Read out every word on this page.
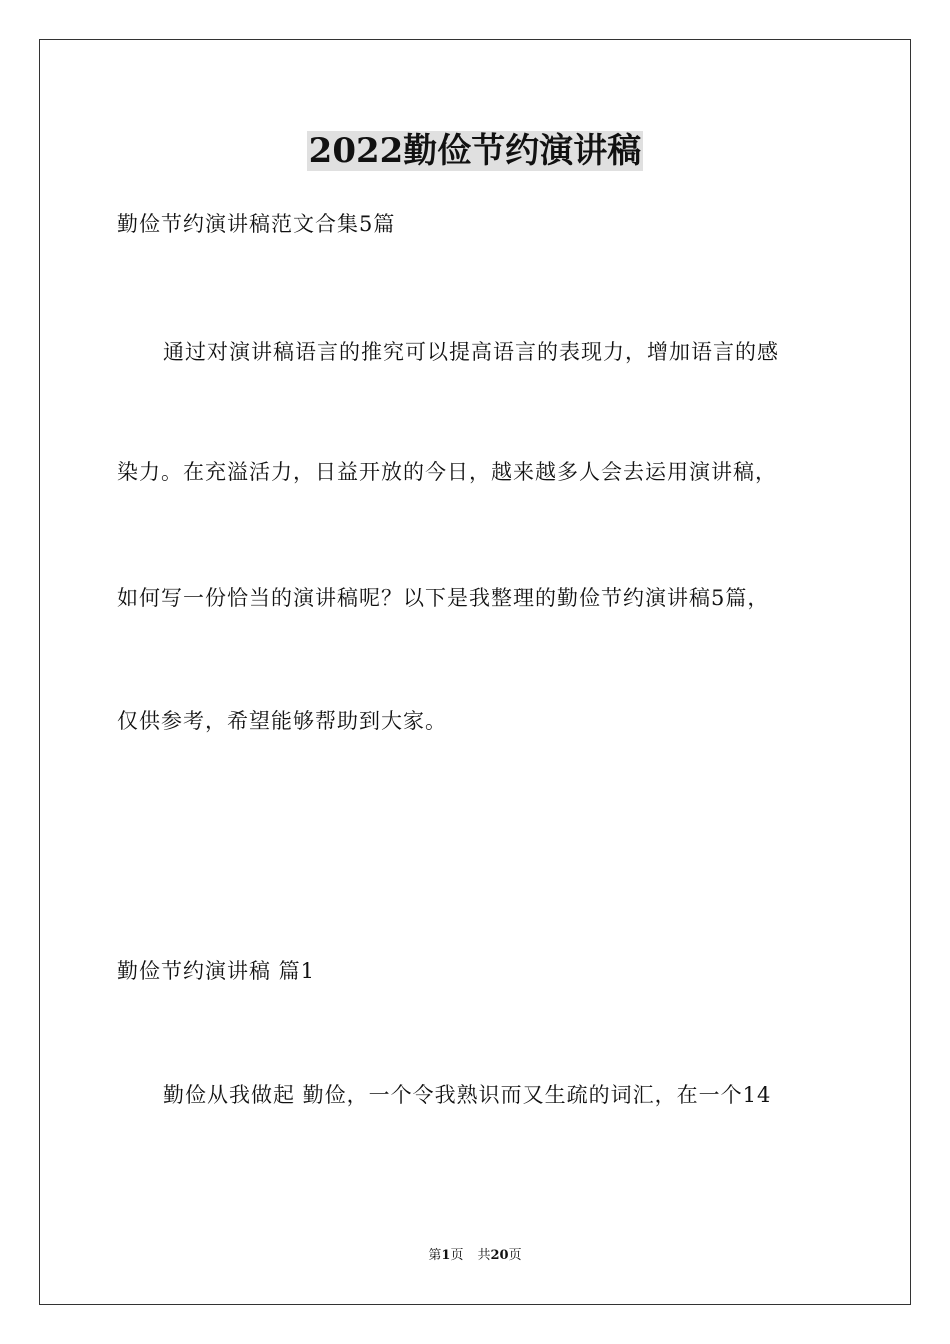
2022勤俭节约演讲稿
勤俭节约演讲稿范文合集5篇
通过对演讲稿语言的推究可以提高语言的表现力，增加语言的感
染力。在充溢活力，日益开放的今日，越来越多人会去运用演讲稿，
如何写一份恰当的演讲稿呢？以下是我整理的勤俭节约演讲稿5篇，
仅供参考，希望能够帮助到大家。
勤俭节约演讲稿 篇1
勤俭从我做起 勤俭，一个令我熟识而又生疏的词汇，在一个14
第1页 共20页
